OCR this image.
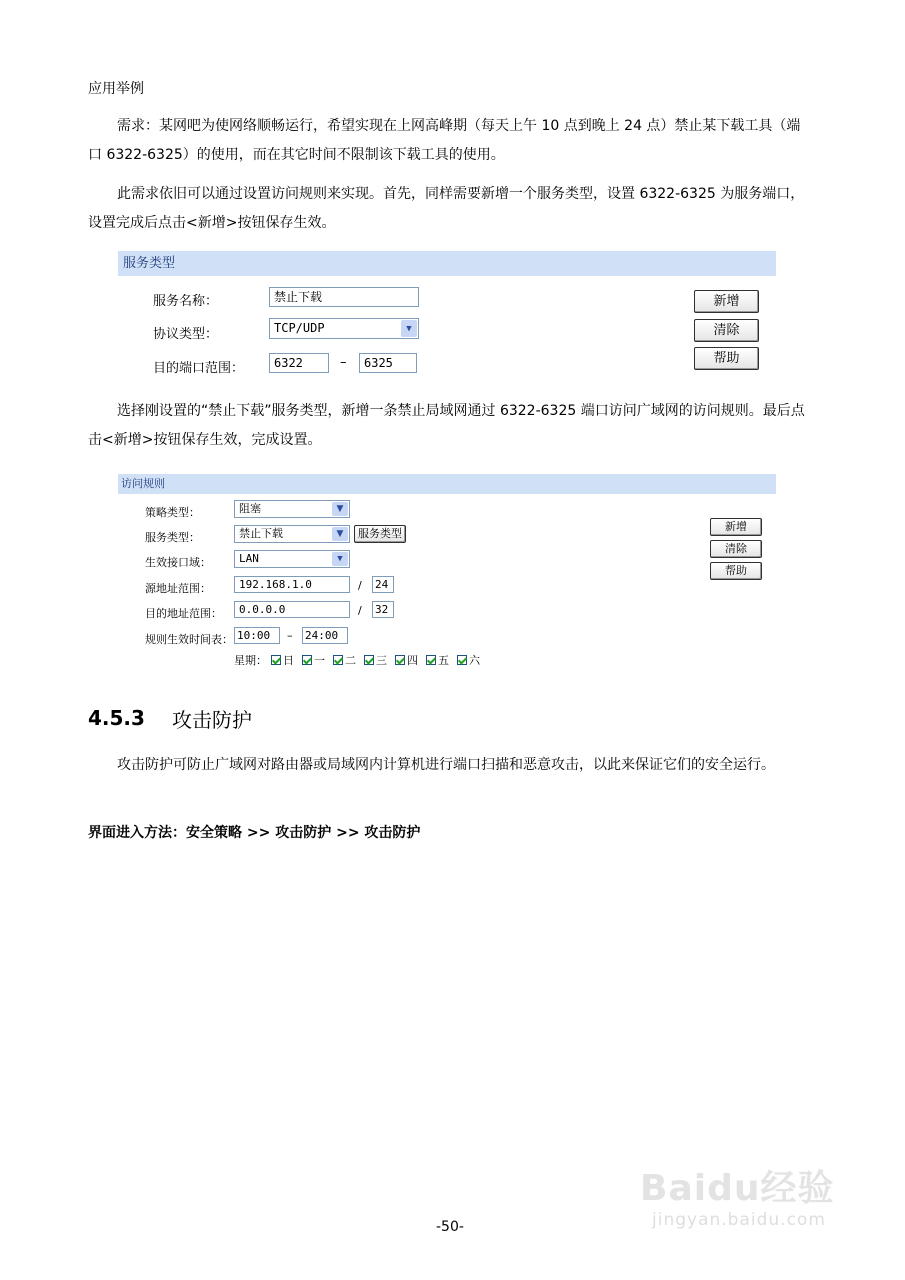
应用举例

需求：某网吧为使网络顺畅运行，希望实现在上网高峰期（每天上午 10 点到晚上 24 点）禁止某下载工具（端口 6322-6325）的使用，而在其它时间不限制该下载工具的使用。

此需求依旧可以通过设置访问规则来实现。首先，同样需要新增一个服务类型，设置 6322-6325 为服务端口，设置完成后点击<新增>按钮保存生效。

服务类型
服务名称：	禁止下载
协议类型：	TCP/UDP	▼
目的端口范围：	6322	–	6325
新增
清除
帮助

选择刚设置的“禁止下载”服务类型，新增一条禁止局域网通过 6322-6325 端口访问广域网的访问规则。最后点击<新增>按钮保存生效，完成设置。

访问规则
策略类型：	阻塞	▼
服务类型：	禁止下载	▼	服务类型
生效接口域：	LAN	▼
源地址范围：	192.168.1.0	/ 24
目的地址范围：	0.0.0.0	/ 32
规则生效时间表： 10:00	– 24:00
星期： 日 一 二 三 四 五 六
新增
清除
帮助
4.5.3 攻击防护

攻击防护可防止广域网对路由器或局域网内计算机进行端口扫描和恶意攻击，以此来保证它们的安全运行。

界面进入方法：安全策略 >> 攻击防护 >> 攻击防护
Baidu经验
jingyan.baidu.com
-50-
